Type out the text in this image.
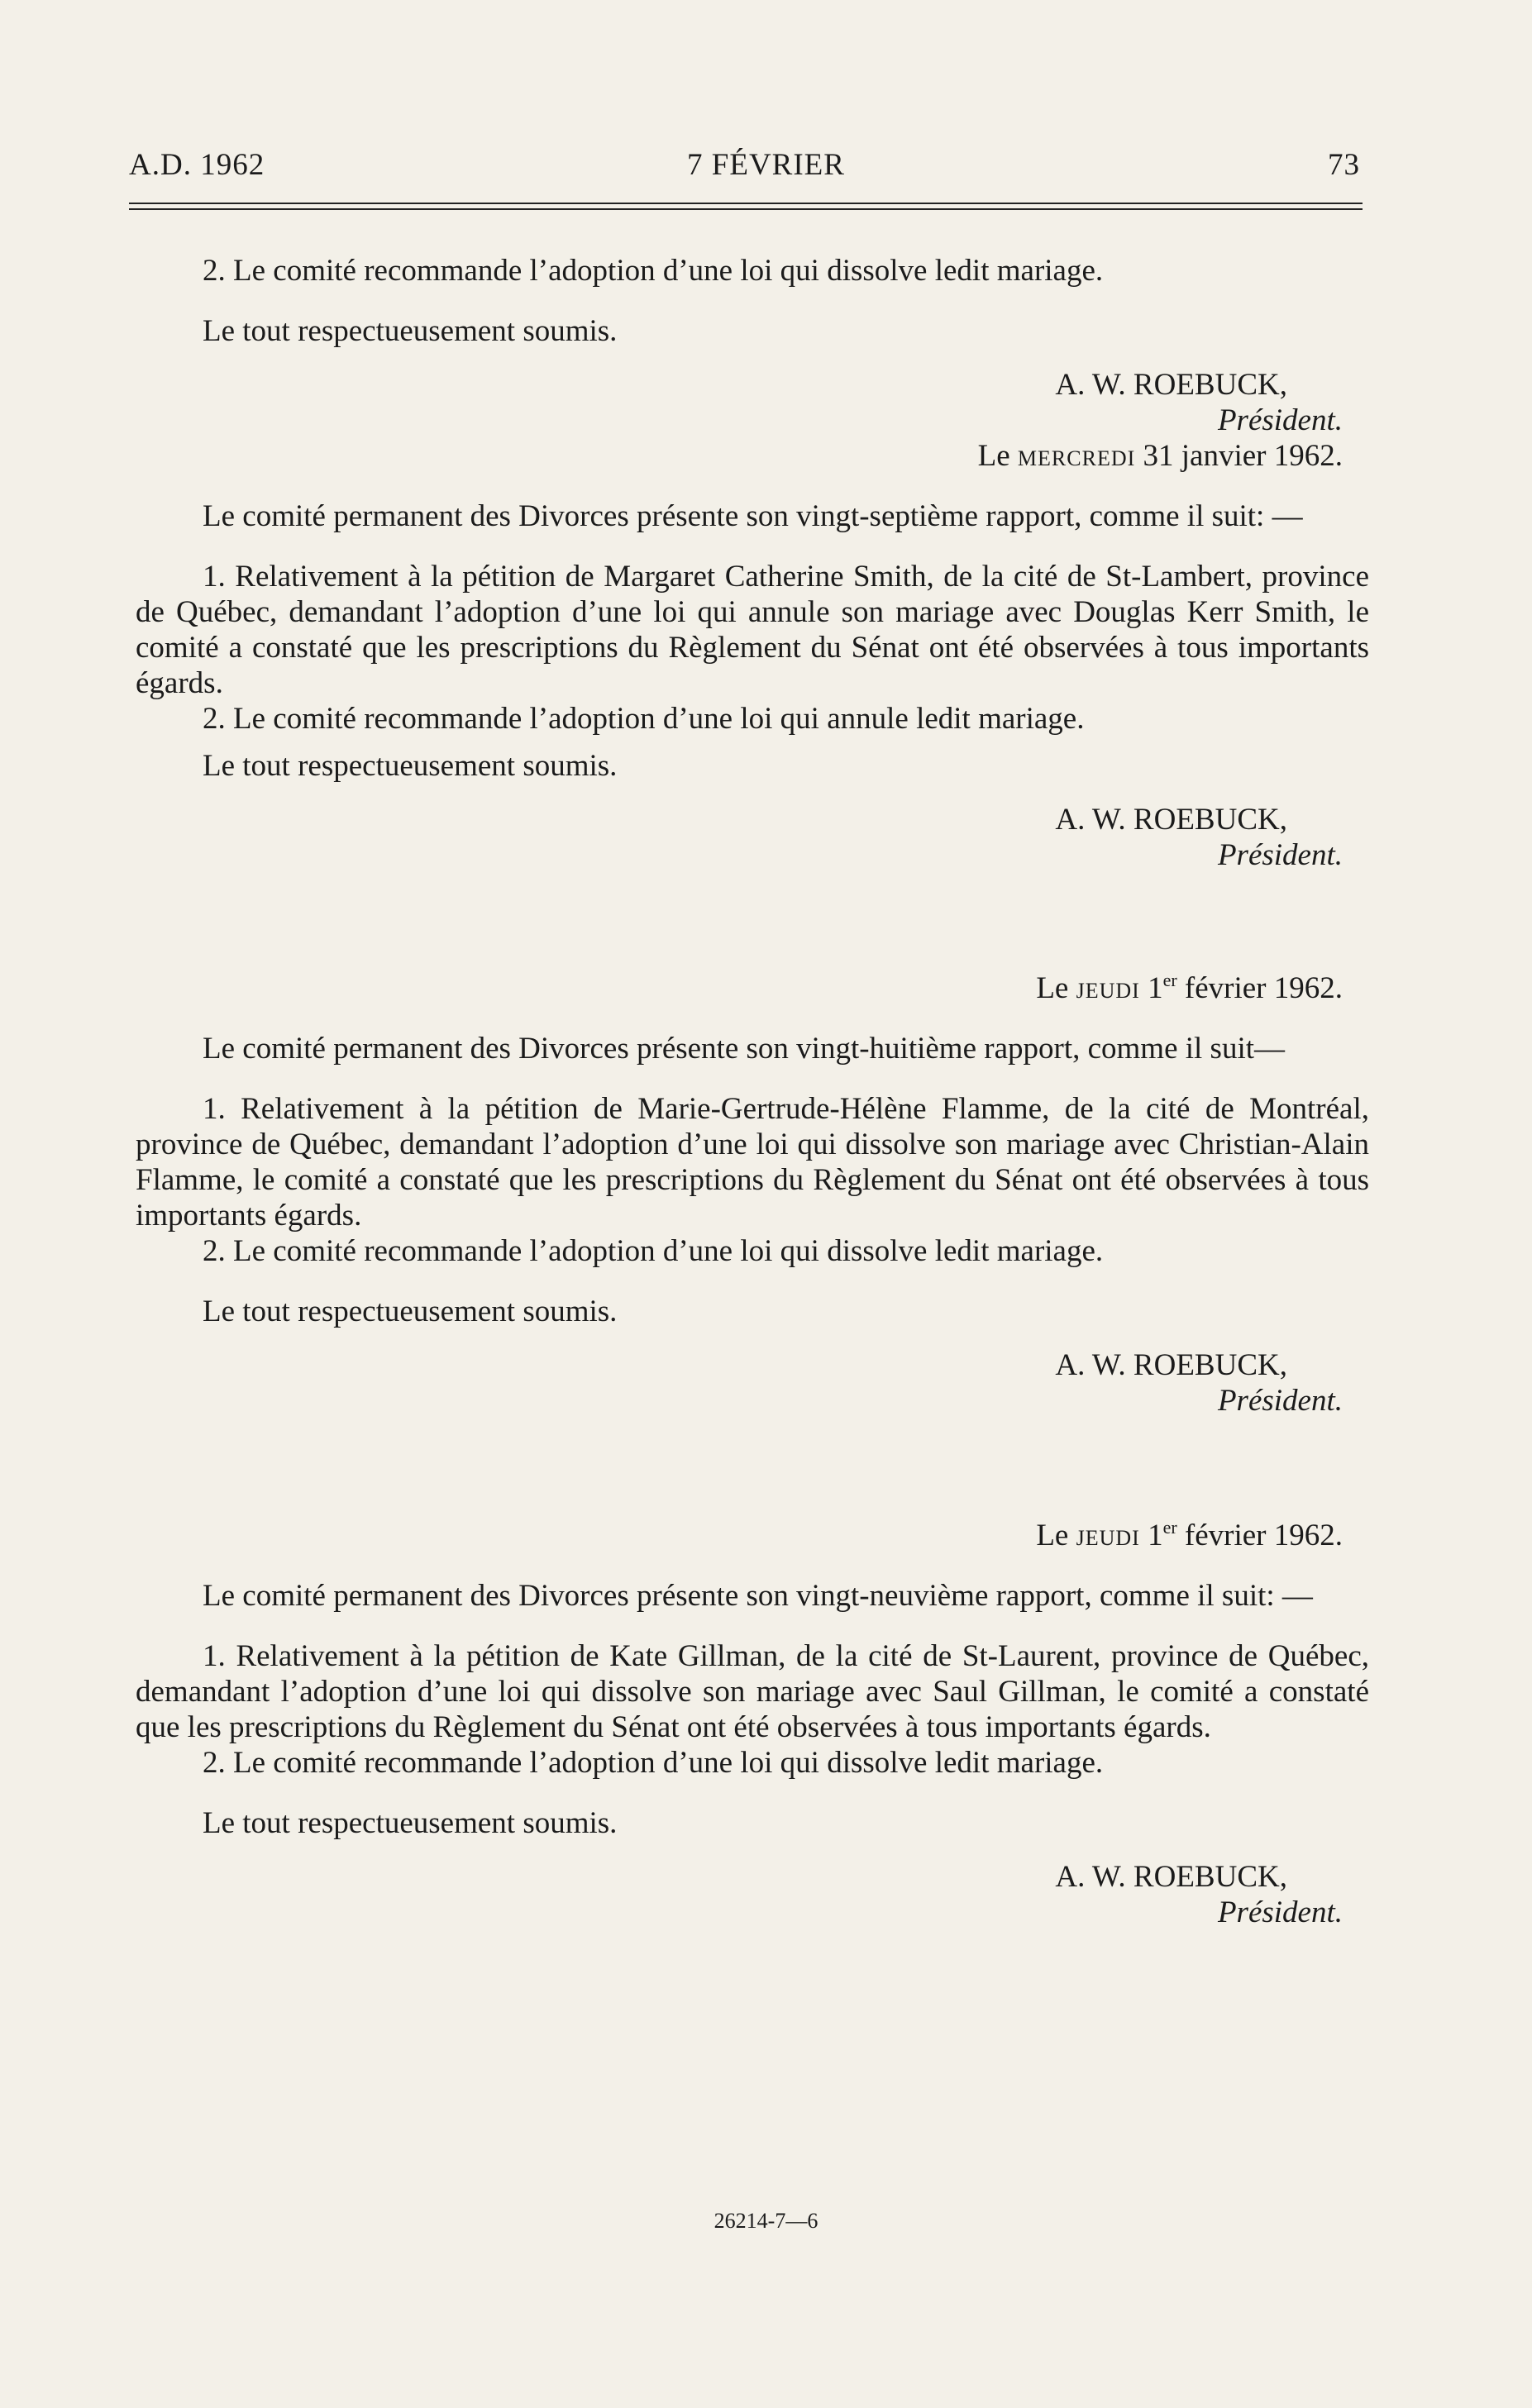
A.D. 1962	7 FÉVRIER	73

2. Le comité recommande l’adoption d’une loi qui dissolve ledit mariage.

Le tout respectueusement soumis.

A. W. ROEBUCK,

Président.

Le mercredi 31 janvier 1962.

Le comité permanent des Divorces présente son vingt-septième rapport, comme il suit: —

1. Relativement à la pétition de Margaret Catherine Smith, de la cité de St-Lambert, province de Québec, demandant l’adoption d’une loi qui annule son mariage avec Douglas Kerr Smith, le comité a constaté que les prescriptions du Règlement du Sénat ont été observées à tous importants égards.

2. Le comité recommande l’adoption d’une loi qui annule ledit mariage.

Le tout respectueusement soumis.

A. W. ROEBUCK,

Président.

Le jeudi 1er février 1962.

Le comité permanent des Divorces présente son vingt-huitième rapport, comme il suit—

1. Relativement à la pétition de Marie-Gertrude-Hélène Flamme, de la cité de Montréal, province de Québec, demandant l’adoption d’une loi qui dissolve son mariage avec Christian-Alain Flamme, le comité a constaté que les prescriptions du Règlement du Sénat ont été observées à tous importants égards.

2. Le comité recommande l’adoption d’une loi qui dissolve ledit mariage.

Le tout respectueusement soumis.

A. W. ROEBUCK,

Président.

Le jeudi 1er février 1962.

Le comité permanent des Divorces présente son vingt-neuvième rapport, comme il suit: —

1. Relativement à la pétition de Kate Gillman, de la cité de St-Laurent, province de Québec, demandant l’adoption d’une loi qui dissolve son mariage avec Saul Gillman, le comité a constaté que les prescriptions du Règlement du Sénat ont été observées à tous importants égards.

2. Le comité recommande l’adoption d’une loi qui dissolve ledit mariage.

Le tout respectueusement soumis.

A. W. ROEBUCK,

Président.

26214-7—6
